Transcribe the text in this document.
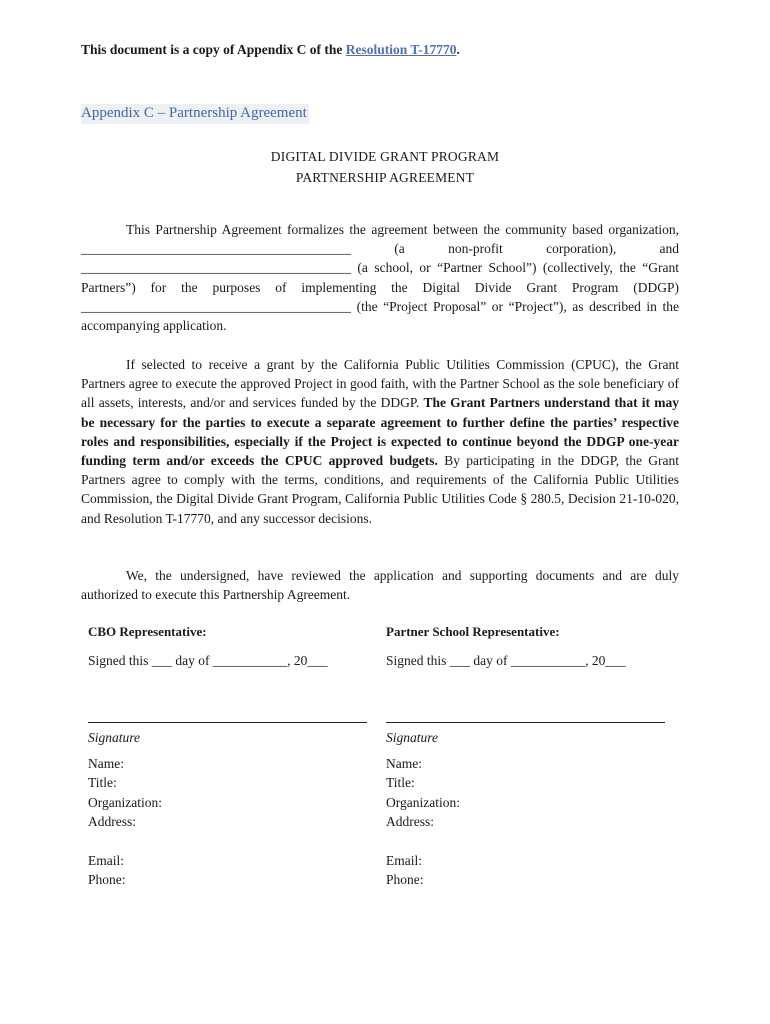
This document is a copy of Appendix C of the Resolution T-17770.
Appendix C – Partnership Agreement
DIGITAL DIVIDE GRANT PROGRAM
PARTNERSHIP AGREEMENT
This Partnership Agreement formalizes the agreement between the community based organization, ________________________________________ (a non-profit corporation), and ________________________________________ (a school, or “Partner School”) (collectively, the “Grant Partners”) for the purposes of implementing the Digital Divide Grant Program (DDGP) ________________________________________ (the “Project Proposal” or “Project”), as described in the accompanying application.
If selected to receive a grant by the California Public Utilities Commission (CPUC), the Grant Partners agree to execute the approved Project in good faith, with the Partner School as the sole beneficiary of all assets, interests, and/or and services funded by the DDGP. The Grant Partners understand that it may be necessary for the parties to execute a separate agreement to further define the parties’ respective roles and responsibilities, especially if the Project is expected to continue beyond the DDGP one-year funding term and/or exceeds the CPUC approved budgets. By participating in the DDGP, the Grant Partners agree to comply with the terms, conditions, and requirements of the California Public Utilities Commission, the Digital Divide Grant Program, California Public Utilities Code § 280.5, Decision 21-10-020, and Resolution T-17770, and any successor decisions.
We, the undersigned, have reviewed the application and supporting documents and are duly authorized to execute this Partnership Agreement.
CBO Representative:
Signed this ___ day of ___________, 20___
Signature
Name:
Title:
Organization:
Address:
Email:
Phone:
Partner School Representative:
Signed this ___ day of ___________, 20___
Signature
Name:
Title:
Organization:
Address:
Email:
Phone:
